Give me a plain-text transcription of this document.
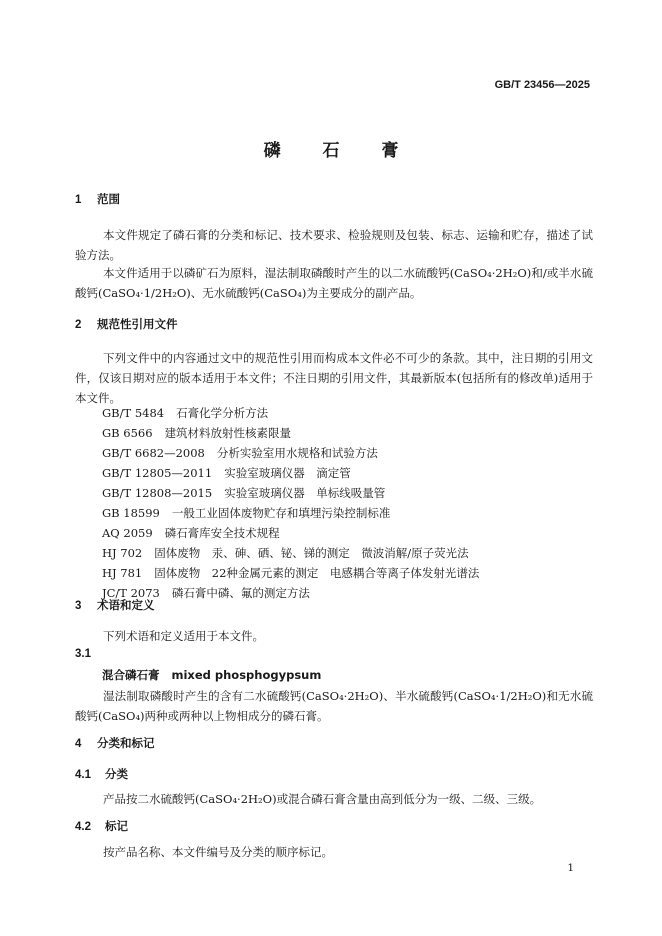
GB/T 23456—2025
磷 石 膏
1 范围
本文件规定了磷石膏的分类和标记、技术要求、检验规则及包装、标志、运输和贮存，描述了试验方法。
本文件适用于以磷矿石为原料，湿法制取磷酸时产生的以二水硫酸钙(CaSO₄·2H₂O)和/或半水硫酸钙(CaSO₄·1/2H₂O)、无水硫酸钙(CaSO₄)为主要成分的副产品。
2 规范性引用文件
下列文件中的内容通过文中的规范性引用而构成本文件必不可少的条款。其中，注日期的引用文件，仅该日期对应的版本适用于本文件；不注日期的引用文件，其最新版本(包括所有的修改单)适用于本文件。
GB/T 5484 石膏化学分析方法
GB 6566 建筑材料放射性核素限量
GB/T 6682—2008 分析实验室用水规格和试验方法
GB/T 12805—2011 实验室玻璃仪器　滴定管
GB/T 12808—2015 实验室玻璃仪器　单标线吸量管
GB 18599 一般工业固体废物贮存和填埋污染控制标准
AQ 2059 磷石膏库安全技术规程
HJ 702 固体废物　汞、砷、硒、铋、锑的测定　微波消解/原子荧光法
HJ 781 固体废物　22种金属元素的测定　电感耦合等离子体发射光谱法
JC/T 2073 磷石膏中磷、氟的测定方法
3 术语和定义
下列术语和定义适用于本文件。
3.1
混合磷石膏 mixed phosphogypsum
湿法制取磷酸时产生的含有二水硫酸钙(CaSO₄·2H₂O)、半水硫酸钙(CaSO₄·1/2H₂O)和无水硫酸钙(CaSO₄)两种或两种以上物相成分的磷石膏。
4 分类和标记
4.1 分类
产品按二水硫酸钙(CaSO₄·2H₂O)或混合磷石膏含量由高到低分为一级、二级、三级。
4.2 标记
按产品名称、本文件编号及分类的顺序标记。
1
